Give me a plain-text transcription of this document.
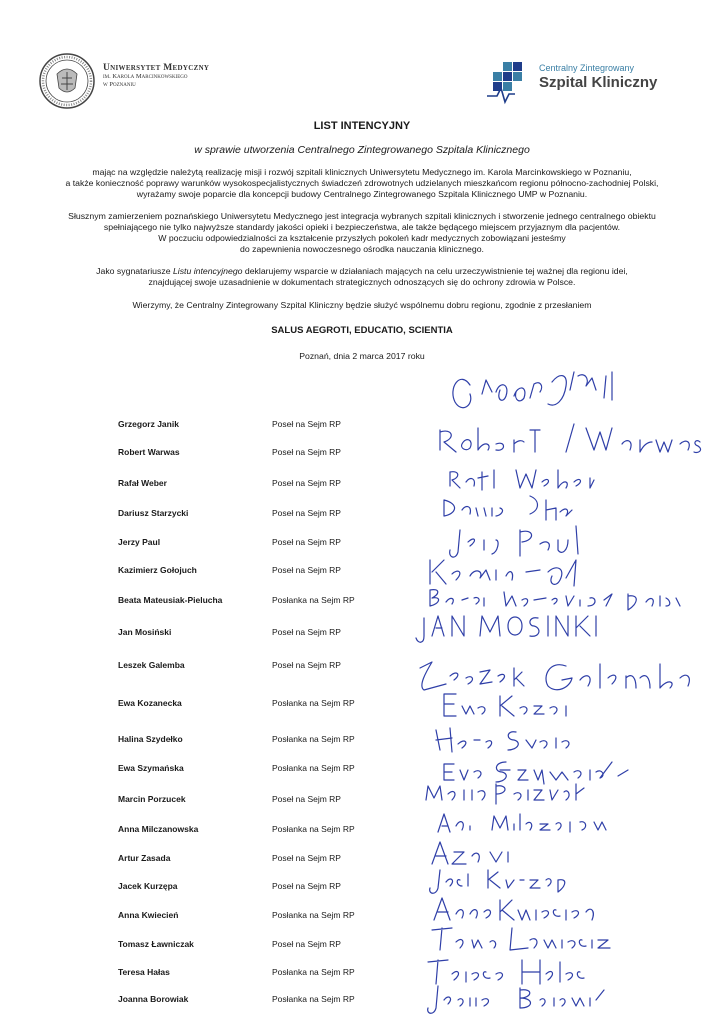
Uniwersytet Medyczny
im. Karola Marcinkowskiego
w Poznaniu
Centralny Zintegrowany
Szpital Kliniczny
LIST INTENCYJNY
w sprawie utworzenia Centralnego Zintegrowanego Szpitala Klinicznego
mając na względzie należytą realizację misji i rozwój szpitali klinicznych Uniwersytetu Medycznego im. Karola Marcinkowskiego w Poznaniu,
a także konieczność poprawy warunków wysokospecjalistycznych świadczeń zdrowotnych udzielanych mieszkańcom regionu północno-zachodniej Polski,
wyrażamy swoje poparcie dla koncepcji budowy Centralnego Zintegrowanego Szpitala Klinicznego UMP w Poznaniu.
Słusznym zamierzeniem poznańskiego Uniwersytetu Medycznego jest integracja wybranych szpitali klinicznych i stworzenie jednego centralnego obiektu
spełniającego nie tylko najwyższe standardy jakości opieki i bezpieczeństwa, ale także będącego miejscem przyjaznym dla pacjentów.
W poczuciu odpowiedzialności za kształcenie przyszłych pokoleń kadr medycznych zobowiązani jesteśmy
do zapewnienia nowoczesnego ośrodka nauczania klinicznego.
Jako sygnatariusze Listu intencyjnego deklarujemy wsparcie w działaniach mających na celu urzeczywistnienie tej ważnej dla regionu idei,
znajdującej swoje uzasadnienie w dokumentach strategicznych odnoszących się do ochrony zdrowia w Polsce.
Wierzymy, że Centralny Zintegrowany Szpital Kliniczny będzie służyć wspólnemu dobru regionu, zgodnie z przesłaniem
SALUS AEGROTI, EDUCATIO, SCIENTIA
Poznań, dnia 2 marca 2017 roku
Grzegorz Janik	Poseł na Sejm RP
Robert Warwas	Poseł na Sejm RP
Rafał Weber	Poseł na Sejm RP
Dariusz Starzycki	Poseł na Sejm RP
Jerzy Paul	Poseł na Sejm RP
Kazimierz Gołojuch	Poseł na Sejm RP
Beata Mateusiak-Pielucha	Posłanka na Sejm RP
Jan Mosiński	Poseł na Sejm RP
Leszek Galemba	Poseł na Sejm RP
Ewa Kozanecka	Posłanka na Sejm RP
Halina Szydełko	Posłanka na Sejm RP
Ewa Szymańska	Posłanka na Sejm RP
Marcin Porzucek	Poseł na Sejm RP
Anna Milczanowska	Posłanka na Sejm RP
Artur Zasada	Poseł na Sejm RP
Jacek Kurzępa	Poseł na Sejm RP
Anna Kwiecień	Posłanka na Sejm RP
Tomasz Ławniczak	Poseł na Sejm RP
Teresa Hałas	Posłanka na Sejm RP
Joanna Borowiak	Posłanka na Sejm RP
